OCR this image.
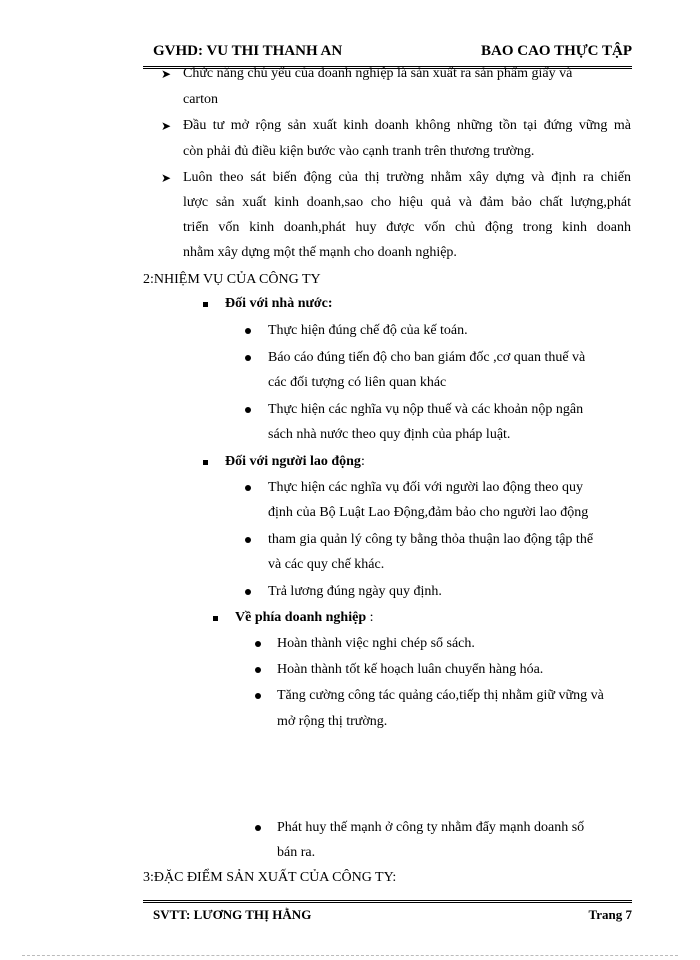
GVHD: VU THI THANH AN	BAO CAO THỰC TẬP
➤ Chức năng chủ yếu của doanh nghiệp là sản xuất ra sản phẩm giấy và
carton
➤ Đầu tư mở rộng sản xuất kinh doanh không những tồn tại đứng vững mà
còn phải đủ điều kiện bước vào cạnh tranh trên thương trường.
➤ Luôn theo sát biến động của thị trường nhằm xây dựng và định ra chiến
lược sản xuất kinh doanh,sao cho hiệu quả và đảm bảo chất lượng,phát
triển vốn kinh doanh,phát huy được vốn chủ động trong kinh doanh
nhằm xây dựng một thế mạnh cho doanh nghiệp.
2:NHIỆM VỤ CỦA CÔNG TY
Đối với nhà nước:
Thực hiện đúng chế độ của kế toán.
Báo cáo đúng tiến độ cho ban giám đốc ,cơ quan thuế và
các đối tượng có liên quan khác
Thực hiện các nghĩa vụ nộp thuế và các khoản nộp ngân
sách nhà nước theo quy định của pháp luật.
Đối với người lao động:
Thực hiện các nghĩa vụ đối với người lao động theo quy
định của Bộ Luật Lao Động,đảm bảo cho người lao động
tham gia quản lý công ty bằng thỏa thuận lao động tập thể
và các quy chế khác.
Trả lương đúng ngày quy định.
Về phía doanh nghiệp :
Hoàn thành việc nghi chép sổ sách.
Hoàn thành tốt kế hoạch luân chuyển hàng hóa.
Tăng cường công tác quảng cáo,tiếp thị nhằm giữ vững và
mở rộng thị trường.
Phát huy thế mạnh ở công ty nhằm đẩy mạnh doanh số
bán ra.
3:ĐẶC ĐIỂM SẢN XUẤT CỦA CÔNG TY:
SVTT: LƯƠNG THỊ HẰNG	Trang 7
